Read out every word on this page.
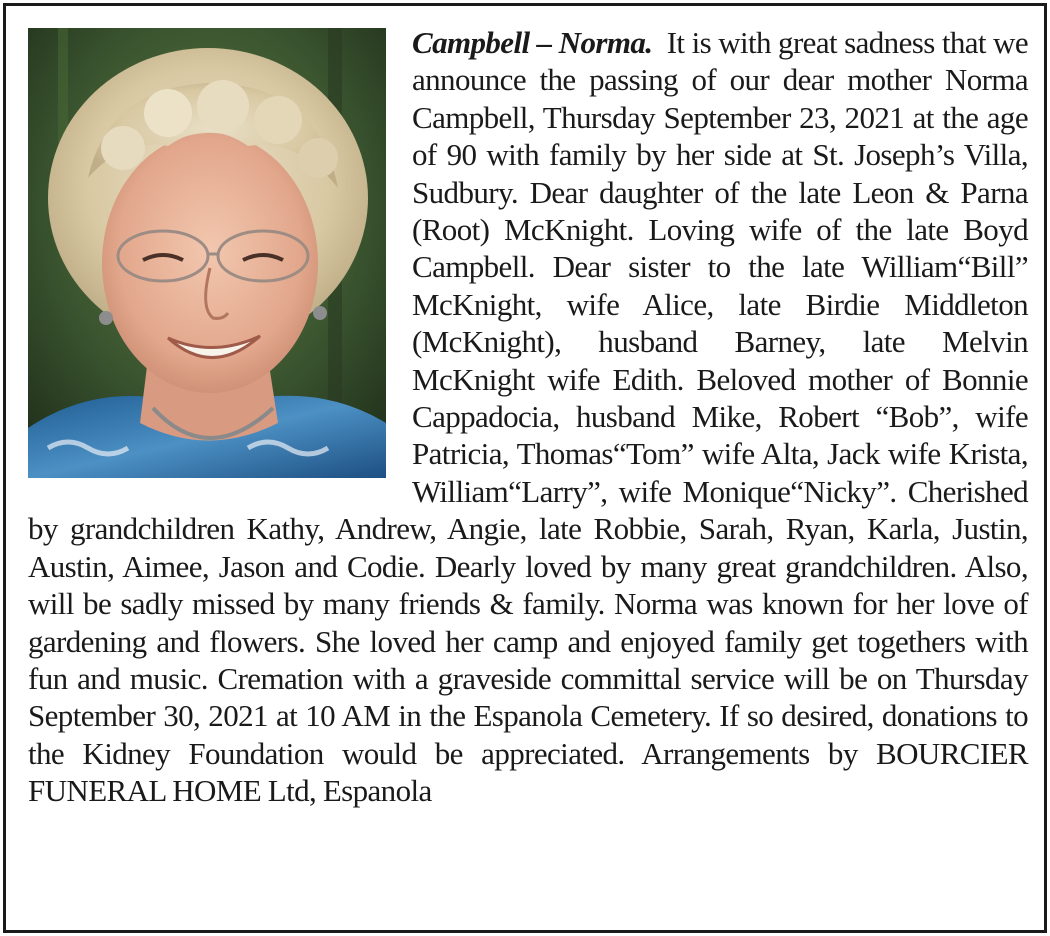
Campbell – Norma. It is with great sadness that we announce the passing of our dear mother Norma Campbell, Thursday September 23, 2021 at the age of 90 with family by her side at St. Joseph’s Villa, Sudbury. Dear daughter of the late Leon & Parna (Root) McKnight. Loving wife of the late Boyd Campbell. Dear sister to the late William“Bill” McKnight, wife Alice, late Birdie Middleton (McKnight), husband Barney, late Melvin McKnight wife Edith. Beloved mother of Bonnie Cappadocia, husband Mike, Robert “Bob”, wife Patricia, Thomas“Tom” wife Alta, Jack wife Krista, William“Larry”, wife Monique“Nicky”. Cherished by grandchildren Kathy, Andrew, Angie, late Robbie, Sarah, Ryan, Karla, Justin, Austin, Aimee, Jason and Codie. Dearly loved by many great grandchildren. Also, will be sadly missed by many friends & family. Norma was known for her love of gardening and flowers. She loved her camp and enjoyed family get togethers with fun and music. Cremation with a graveside committal service will be on Thursday September 30, 2021 at 10 AM in the Espanola Cemetery. If so desired, donations to the Kidney Foundation would be appreciated. Arrangements by BOURCIER FUNERAL HOME Ltd, Espanola
